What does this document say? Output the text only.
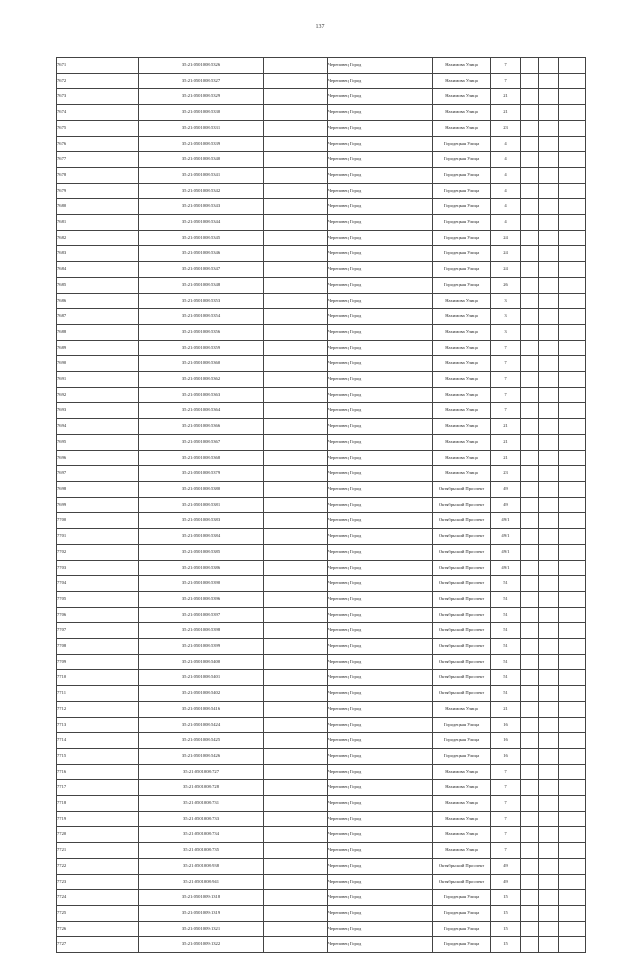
137
7671	35:21:0501008:5326		Череповец Город	Нахимова Улица	7			
7672	35:21:0501008:5327		Череповец Город	Нахимова Улица	7			
7673	35:21:0501008:5329		Череповец Город	Нахимова Улица	21			
7674	35:21:0501008:5330		Череповец Город	Нахимова Улица	21			
7675	35:21:0501008:5331		Череповец Город	Нахимова Улица	23			
7676	35:21:0501008:5339		Череповец Город	Городецкая Улица	4			
7677	35:21:0501008:5340		Череповец Город	Городецкая Улица	4			
7678	35:21:0501008:5341		Череповец Город	Городецкая Улица	4			
7679	35:21:0501008:5342		Череповец Город	Городецкая Улица	4			
7680	35:21:0501008:5343		Череповец Город	Городецкая Улица	4			
7681	35:21:0501008:5344		Череповец Город	Городецкая Улица	4			
7682	35:21:0501008:5345		Череповец Город	Городецкая Улица	24			
7683	35:21:0501008:5346		Череповец Город	Городецкая Улица	24			
7684	35:21:0501008:5347		Череповец Город	Городецкая Улица	24			
7685	35:21:0501008:5348		Череповец Город	Городецкая Улица	26			
7686	35:21:0501008:5353		Череповец Город	Нахимова Улица	3			
7687	35:21:0501008:5354		Череповец Город	Нахимова Улица	3			
7688	35:21:0501008:5356		Череповец Город	Нахимова Улица	3			
7689	35:21:0501008:5359		Череповец Город	Нахимова Улица	7			
7690	35:21:0501008:5360		Череповец Город	Нахимова Улица	7			
7691	35:21:0501008:5362		Череповец Город	Нахимова Улица	7			
7692	35:21:0501008:5363		Череповец Город	Нахимова Улица	7			
7693	35:21:0501008:5364		Череповец Город	Нахимова Улица	7			
7694	35:21:0501008:5366		Череповец Город	Нахимова Улица	21			
7695	35:21:0501008:5367		Череповец Город	Нахимова Улица	21			
7696	35:21:0501008:5368		Череповец Город	Нахимова Улица	21			
7697	35:21:0501008:5379		Череповец Город	Нахимова Улица	23			
7698	35:21:0501008:5380		Череповец Город	Октябрьский Проспект	49			
7699	35:21:0501008:5381		Череповец Город	Октябрьский Проспект	49			
7700	35:21:0501008:5383		Череповец Город	Октябрьский Проспект	49/1			
7701	35:21:0501008:5384		Череповец Город	Октябрьский Проспект	49/1			
7702	35:21:0501008:5385		Череповец Город	Октябрьский Проспект	49/1			
7703	35:21:0501008:5386		Череповец Город	Октябрьский Проспект	49/1			
7704	35:21:0501008:5390		Череповец Город	Октябрьский Проспект	51			
7705	35:21:0501008:5396		Череповец Город	Октябрьский Проспект	51			
7706	35:21:0501008:5397		Череповец Город	Октябрьский Проспект	51			
7707	35:21:0501008:5398		Череповец Город	Октябрьский Проспект	51			
7708	35:21:0501008:5399		Череповец Город	Октябрьский Проспект	51			
7709	35:21:0501008:5400		Череповец Город	Октябрьский Проспект	51			
7710	35:21:0501008:5401		Череповец Город	Октябрьский Проспект	51			
7711	35:21:0501008:5402		Череповец Город	Октябрьский Проспект	51			
7712	35:21:0501008:5416		Череповец Город	Нахимова Улица	21			
7713	35:21:0501008:5424		Череповец Город	Городецкая Улица	16			
7714	35:21:0501008:5425		Череповец Город	Городецкая Улица	16			
7715	35:21:0501008:5426		Череповец Город	Городецкая Улица	16			
7716	35:21:0501008:727		Череповец Город	Нахимова Улица	7			
7717	35:21:0501008:728		Череповец Город	Нахимова Улица	7			
7718	35:21:0501008:731		Череповец Город	Нахимова Улица	7			
7719	35:21:0501008:733		Череповец Город	Нахимова Улица	7			
7720	35:21:0501008:734		Череповец Город	Нахимова Улица	7			
7721	35:21:0501008:735		Череповец Город	Нахимова Улица	7			
7722	35:21:0501008:938		Череповец Город	Октябрьский Проспект	49			
7723	35:21:0501008:941		Череповец Город	Октябрьский Проспект	49			
7724	35:21:0501009:1318		Череповец Город	Городецкая Улица	15			
7725	35:21:0501009:1319		Череповец Город	Городецкая Улица	15			
7726	35:21:0501009:1321		Череповец Город	Городецкая Улица	15			
7727	35:21:0501009:1322		Череповец Город	Городецкая Улица	15			
